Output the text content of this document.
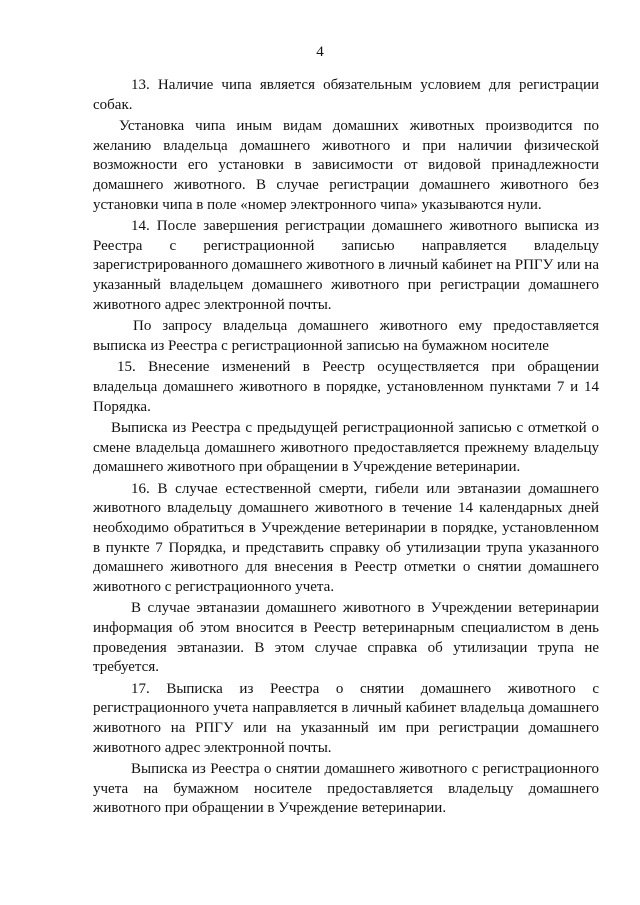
4

13. Наличие чипа является обязательным условием для регистрации собак.

Установка чипа иным видам домашних животных производится по желанию владельца домашнего животного и при наличии физической возможности его установки в зависимости от видовой принадлежности домашнего животного. В случае регистрации домашнего животного без установки чипа в поле «номер электронного чипа» указываются нули.

14. После завершения регистрации домашнего животного выписка из Реестра с регистрационной записью направляется владельцу зарегистрированного домашнего животного в личный кабинет на РПГУ или на указанный владельцем домашнего животного при регистрации домашнего животного адрес электронной почты.

По запросу владельца домашнего животного ему предоставляется выписка из Реестра с регистрационной записью на бумажном носителе

15. Внесение изменений в Реестр осуществляется при обращении владельца домашнего животного в порядке, установленном пунктами 7 и 14 Порядка.

Выписка из Реестра с предыдущей регистрационной записью с отметкой о смене владельца домашнего животного предоставляется прежнему владельцу домашнего животного при обращении в Учреждение ветеринарии.

16. В случае естественной смерти, гибели или эвтаназии домашнего животного владельцу домашнего животного в течение 14 календарных дней необходимо обратиться в Учреждение ветеринарии в порядке, установленном в пункте 7 Порядка, и представить справку об утилизации трупа указанного домашнего животного для внесения в Реестр отметки о снятии домашнего животного с регистрационного учета.

В случае эвтаназии домашнего животного в Учреждении ветеринарии информация об этом вносится в Реестр ветеринарным специалистом в день проведения эвтаназии. В этом случае справка об утилизации трупа не требуется.

17. Выписка из Реестра о снятии домашнего животного с регистрационного учета направляется в личный кабинет владельца домашнего животного на РПГУ или на указанный им при регистрации домашнего животного адрес электронной почты.

Выписка из Реестра о снятии домашнего животного с регистрационного учета на бумажном носителе предоставляется владельцу домашнего животного при обращении в Учреждение ветеринарии.
